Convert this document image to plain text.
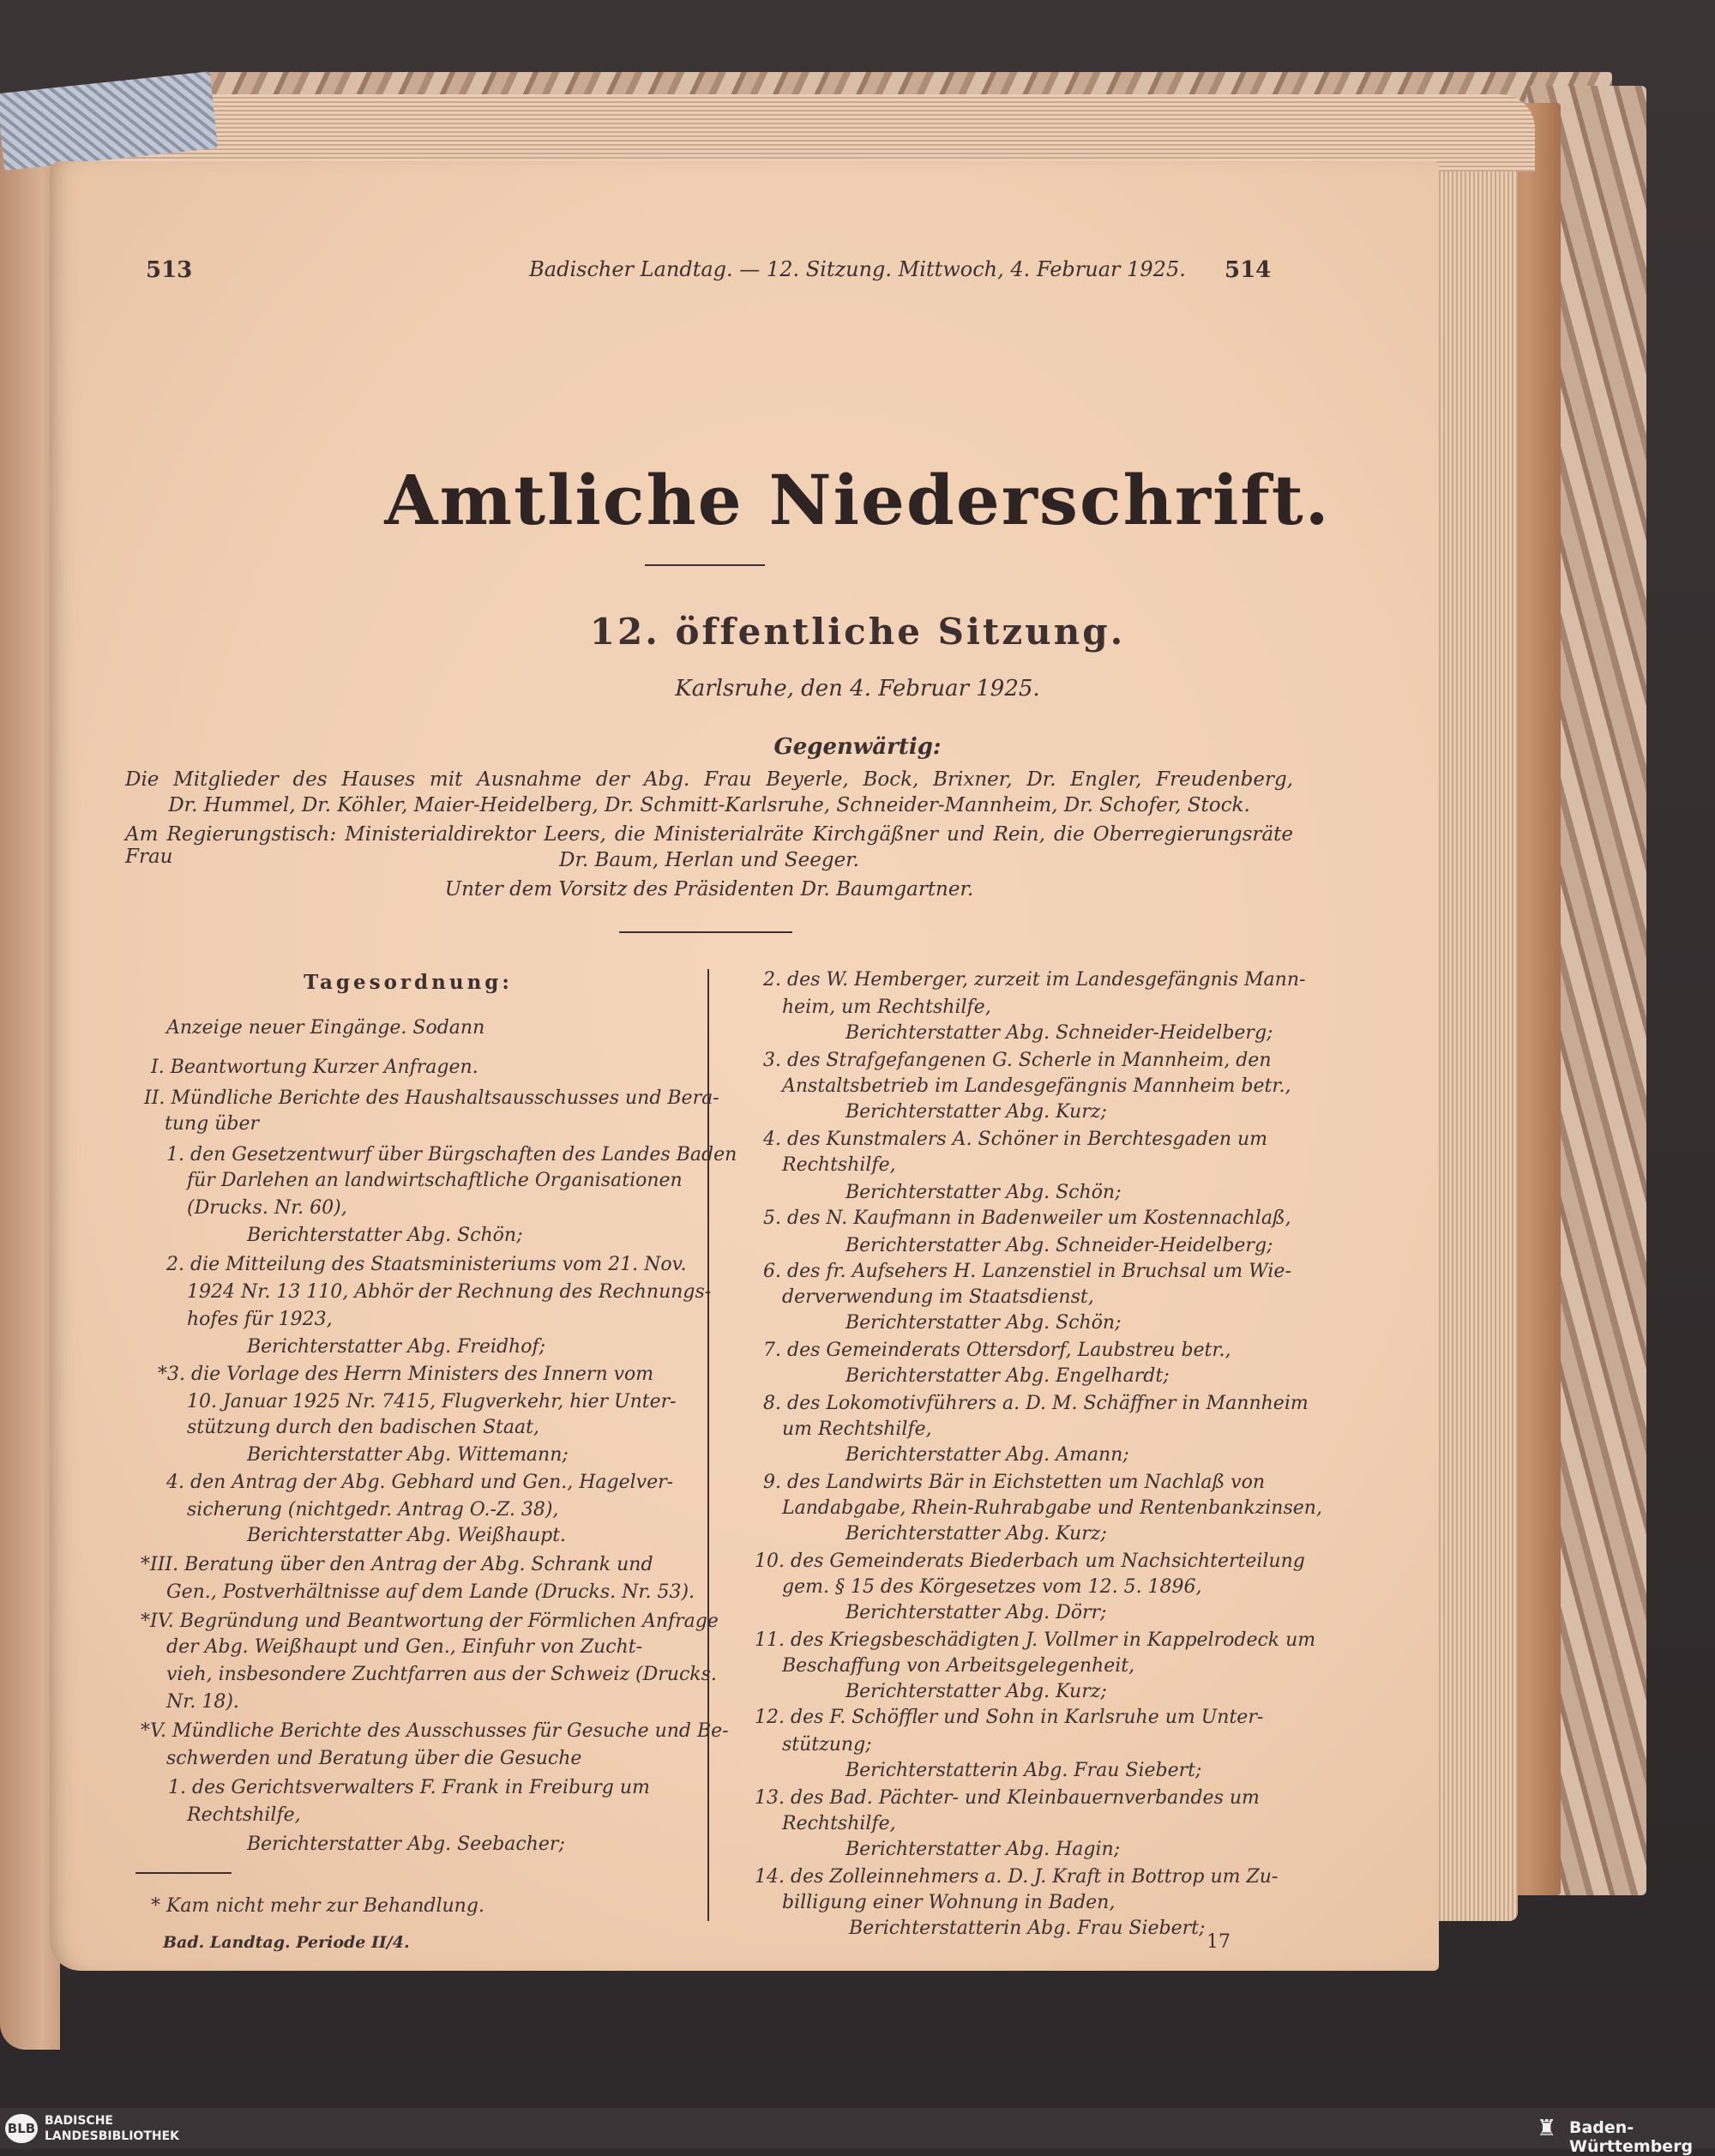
513	Badischer Landtag. — 12. Sitzung. Mittwoch, 4. Februar 1925.	514
Amtliche Niederschrift.
12. öffentliche Sitzung.
Karlsruhe, den 4. Februar 1925.
Gegenwärtig:
Die Mitglieder des Hauses mit Ausnahme der Abg. Frau Beyerle, Bock, Brixner, Dr. Engler, Freudenberg,
Dr. Hummel, Dr. Köhler, Maier-Heidelberg, Dr. Schmitt-Karlsruhe, Schneider-Mannheim, Dr. Schofer, Stock.
Am Regierungstisch: Ministerialdirektor Leers, die Ministerialräte Kirchgäßner und Rein, die Oberregierungsräte Frau	Dr. Baum, Herlan und Seeger.
Unter dem Vorsitz des Präsidenten Dr. Baumgartner.
Tagesordnung:
Anzeige neuer Eingänge. Sodann
I. Beantwortung Kurzer Anfragen.
II. Mündliche Berichte des Haushaltsausschusses und Bera-
tung über
1. den Gesetzentwurf über Bürgschaften des Landes Baden
für Darlehen an landwirtschaftliche Organisationen
(Drucks. Nr. 60),
Berichterstatter Abg. Schön;
2. die Mitteilung des Staatsministeriums vom 21. Nov.
1924 Nr. 13 110, Abhör der Rechnung des Rechnungs-
hofes für 1923,
Berichterstatter Abg. Freidhof;
*3. die Vorlage des Herrn Ministers des Innern vom
10. Januar 1925 Nr. 7415, Flugverkehr, hier Unter-
stützung durch den badischen Staat,
Berichterstatter Abg. Wittemann;
4. den Antrag der Abg. Gebhard und Gen., Hagelver-
sicherung (nichtgedr. Antrag O.-Z. 38),
Berichterstatter Abg. Weißhaupt.
*III. Beratung über den Antrag der Abg. Schrank und
Gen., Postverhältnisse auf dem Lande (Drucks. Nr. 53).
*IV. Begründung und Beantwortung der Förmlichen Anfrage
der Abg. Weißhaupt und Gen., Einfuhr von Zucht-
vieh, insbesondere Zuchtfarren aus der Schweiz (Drucks.
Nr. 18).
*V. Mündliche Berichte des Ausschusses für Gesuche und Be-
schwerden und Beratung über die Gesuche
1. des Gerichtsverwalters F. Frank in Freiburg um
Rechtshilfe,
Berichterstatter Abg. Seebacher;
2. des W. Hemberger, zurzeit im Landesgefängnis Mann-
heim, um Rechtshilfe,
Berichterstatter Abg. Schneider-Heidelberg;
3. des Strafgefangenen G. Scherle in Mannheim, den
Anstaltsbetrieb im Landesgefängnis Mannheim betr.,
Berichterstatter Abg. Kurz;
4. des Kunstmalers A. Schöner in Berchtesgaden um
Rechtshilfe,
Berichterstatter Abg. Schön;
5. des N. Kaufmann in Badenweiler um Kostennachlaß,
Berichterstatter Abg. Schneider-Heidelberg;
6. des fr. Aufsehers H. Lanzenstiel in Bruchsal um Wie-
derverwendung im Staatsdienst,
Berichterstatter Abg. Schön;
7. des Gemeinderats Ottersdorf, Laubstreu betr.,
Berichterstatter Abg. Engelhardt;
8. des Lokomotivführers a. D. M. Schäffner in Mannheim
um Rechtshilfe,
Berichterstatter Abg. Amann;
9. des Landwirts Bär in Eichstetten um Nachlaß von
Landabgabe, Rhein-Ruhrabgabe und Rentenbankzinsen,
Berichterstatter Abg. Kurz;
10. des Gemeinderats Biederbach um Nachsichterteilung
gem. § 15 des Körgesetzes vom 12. 5. 1896,
Berichterstatter Abg. Dörr;
11. des Kriegsbeschädigten J. Vollmer in Kappelrodeck um
Beschaffung von Arbeitsgelegenheit,
Berichterstatter Abg. Kurz;
12. des F. Schöffler und Sohn in Karlsruhe um Unter-
stützung;
Berichterstatterin Abg. Frau Siebert;
13. des Bad. Pächter- und Kleinbauernverbandes um
Rechtshilfe,
Berichterstatter Abg. Hagin;
14. des Zolleinnehmers a. D. J. Kraft in Bottrop um Zu-
billigung einer Wohnung in Baden,
Berichterstatterin Abg. Frau Siebert;
* Kam nicht mehr zur Behandlung.
Bad. Landtag. Periode II/4.	17
BLB BADISCHE
LANDESBIBLIOTHEK	♜ Baden-Württemberg
